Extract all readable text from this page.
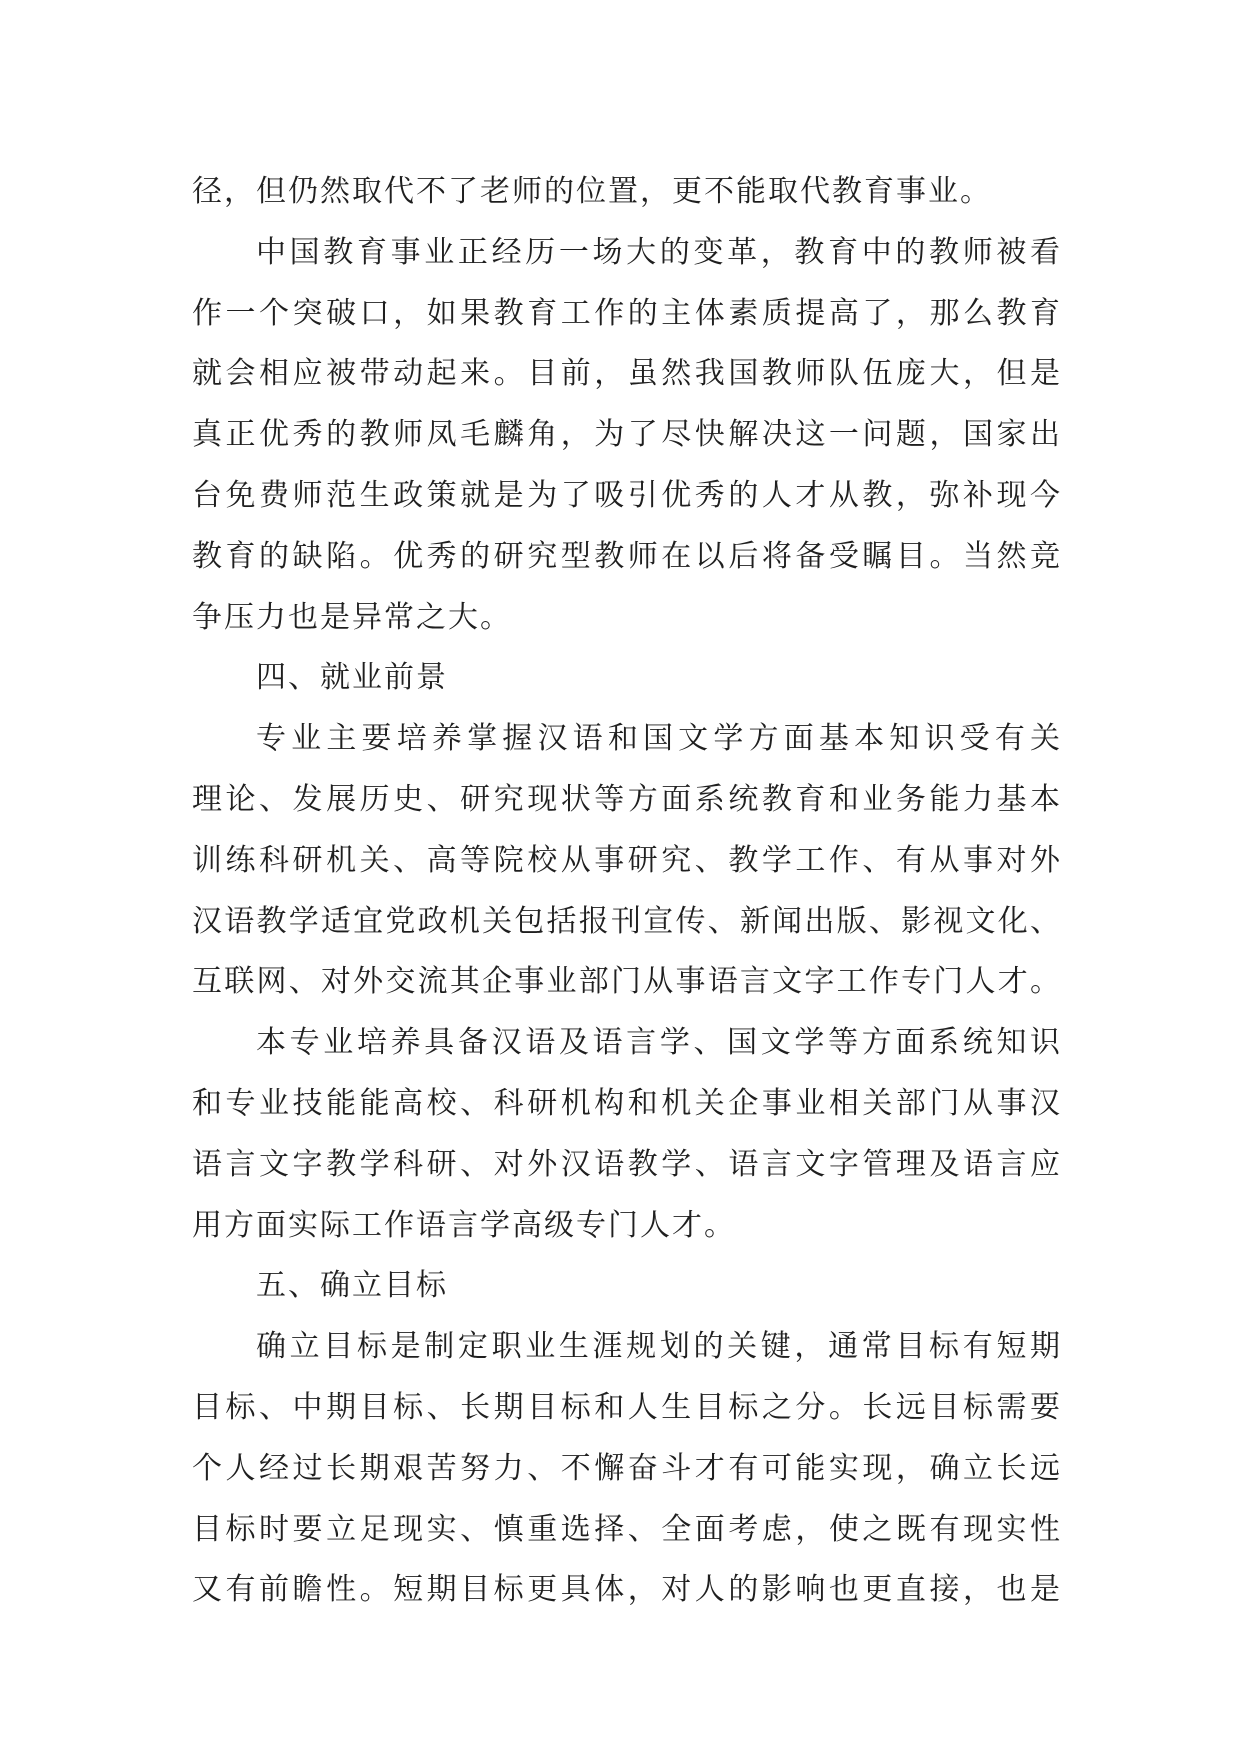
径，但仍然取代不了老师的位置，更不能取代教育事业。
中国教育事业正经历一场大的变革，教育中的教师被看
作一个突破口，如果教育工作的主体素质提高了，那么教育
就会相应被带动起来。目前，虽然我国教师队伍庞大，但是
真正优秀的教师凤毛麟角，为了尽快解决这一问题，国家出
台免费师范生政策就是为了吸引优秀的人才从教，弥补现今
教育的缺陷。优秀的研究型教师在以后将备受瞩目。当然竞
争压力也是异常之大。
四、就业前景
专业主要培养掌握汉语和国文学方面基本知识受有关
理论、发展历史、研究现状等方面系统教育和业务能力基本
训练科研机关、高等院校从事研究、教学工作、有从事对外
汉语教学适宜党政机关包括报刊宣传、新闻出版、影视文化、
互联网、对外交流其企事业部门从事语言文字工作专门人才。
本专业培养具备汉语及语言学、国文学等方面系统知识
和专业技能能高校、科研机构和机关企事业相关部门从事汉
语言文字教学科研、对外汉语教学、语言文字管理及语言应
用方面实际工作语言学高级专门人才。
五、确立目标
确立目标是制定职业生涯规划的关键，通常目标有短期
目标、中期目标、长期目标和人生目标之分。长远目标需要
个人经过长期艰苦努力、不懈奋斗才有可能实现，确立长远
目标时要立足现实、慎重选择、全面考虑，使之既有现实性
又有前瞻性。短期目标更具体，对人的影响也更直接，也是
